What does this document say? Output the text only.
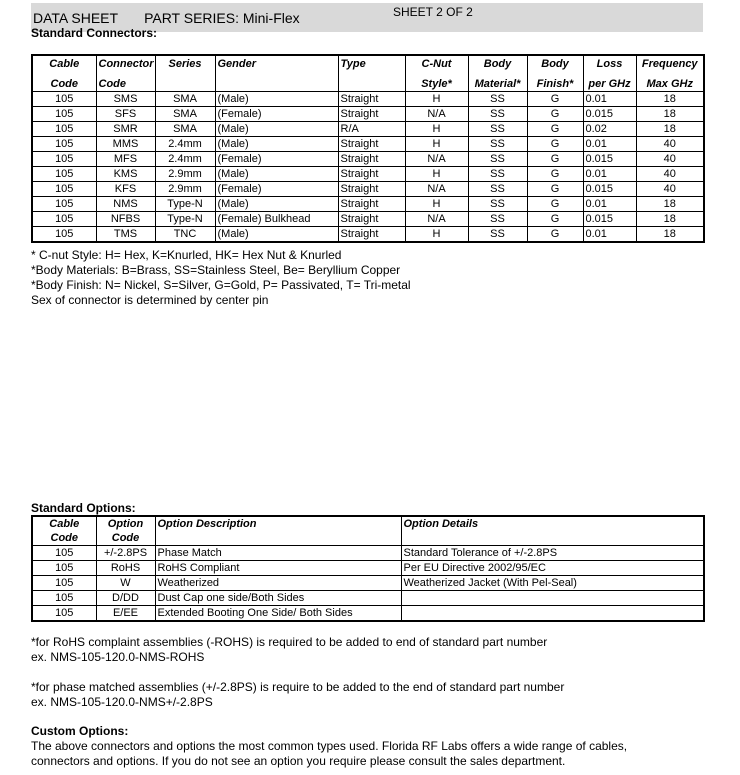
DATA SHEET PART SERIES: Mini-Flex	SHEET 2 OF 2
Standard Connectors:
Cable	Connector	Series	Gender	Type	C-Nut	Body	Body	Loss	Frequency
Code	Code				Style*	Material*	Finish*	per GHz	Max GHz
105	SMS	SMA	(Male)	Straight	H	SS	G	0.01	18
105	SFS	SMA	(Female)	Straight	N/A	SS	G	0.015	18
105	SMR	SMA	(Male)	R/A	H	SS	G	0.02	18
105	MMS	2.4mm	(Male)	Straight	H	SS	G	0.01	40
105	MFS	2.4mm	(Female)	Straight	N/A	SS	G	0.015	40
105	KMS	2.9mm	(Male)	Straight	H	SS	G	0.01	40
105	KFS	2.9mm	(Female)	Straight	N/A	SS	G	0.015	40
105	NMS	Type-N	(Male)	Straight	H	SS	G	0.01	18
105	NFBS	Type-N	(Female) Bulkhead	Straight	N/A	SS	G	0.015	18
105	TMS	TNC	(Male)	Straight	H	SS	G	0.01	18
* C-nut Style: H= Hex, K=Knurled, HK= Hex Nut & Knurled
*Body Materials: B=Brass, SS=Stainless Steel, Be= Beryllium Copper
*Body Finish: N= Nickel, S=Silver, G=Gold, P= Passivated, T= Tri-metal
Sex of connector is determined by center pin
Standard Options:
Cable	Option	Option Description	Option Details
Code	Code		
105	+/-2.8PS	Phase Match	Standard Tolerance of +/-2.8PS
105	RoHS	RoHS Compliant	Per EU Directive 2002/95/EC
105	W	Weatherized	Weatherized Jacket (With Pel-Seal)
105	D/DD	Dust Cap one side/Both Sides	
105	E/EE	Extended Booting One Side/ Both Sides	
*for RoHS complaint assemblies (-ROHS) is required to be added to end of standard part number
ex. NMS-105-120.0-NMS-ROHS
*for phase matched assemblies (+/-2.8PS) is require to be added to the end of standard part number
ex. NMS-105-120.0-NMS+/-2.8PS
Custom Options:
The above connectors and options the most common types used. Florida RF Labs offers a wide range of cables,
connectors and options. If you do not see an option you require please consult the sales department.
